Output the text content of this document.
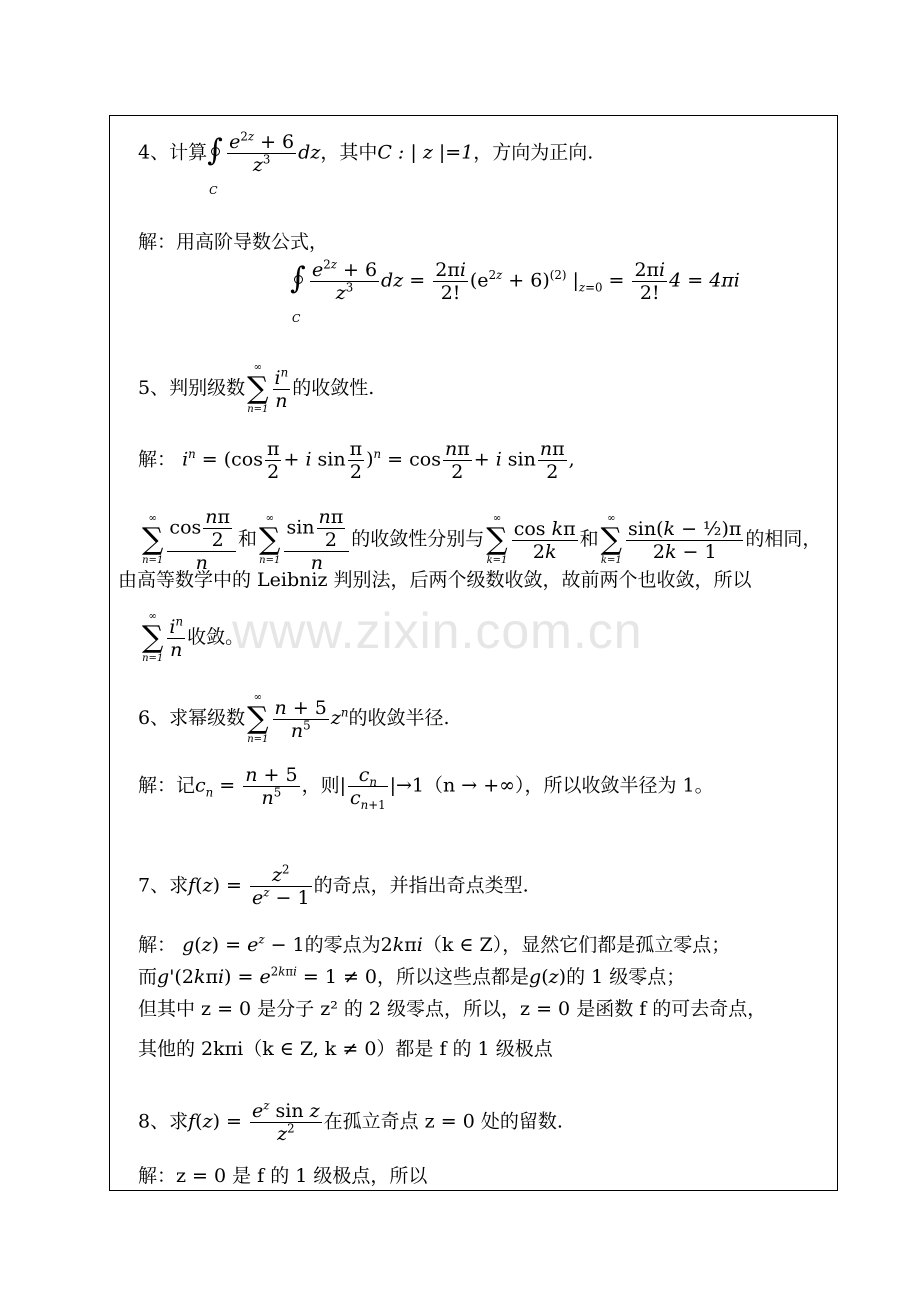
www.zixin.com.cn
4、计算 ∫
C
$\frac{e^{2z} + 6}{z^3}$ dz，其中C : | z |=1，方向为正向.
解：用高阶导数公式，
∫
C
$\frac{e^{2z} + 6}{z^3}$ dz = $\frac{2\pi i}{2!} (e^{2z} + 6)^{(2)}$ $|_{z=0} = \frac{2\pi i}{2!} 4 = 4\pi i$
5、判别级数
∞
∑
$n=1 \frac{i^n}{n}$ 的收敛性.
解： $i^n = (\cos \frac{\pi}{2} + i$ $\sin \frac{\pi}{2} )^n = \cos \frac{n\pi}{2} + i$ $\sin \frac{n\pi}{2}$ ,
∞
∑
$n=1 \frac{\cos \frac{n\pi}{2}}{n}$ 和
∞
∑
$n=1 \frac{\sin \frac{n\pi}{2}}{n}$ 的收敛性分别与
∞
∑
$k=1 \frac{\text{cos kπ}}{2k}$ 和
∞
∑
$k=1 \frac{\text{sin(k − ½)π}}{2k - 1}$ 的相同，
由高等数学中的 Leibniz 判别法，后两个级数收敛，故前两个也收敛，所以
∞
∑
$n=1 \frac{i^n}{n}$ 收敛。
6、求幂级数
∞
∑
$n=1 \frac{n + 5}{n^5} z^n$的收敛半径.
解：记$c_n = \frac{n + 5}{n^5}$ ，则| $\frac{c_n}{c_{n+1}} |\to 1(n$ → +∞），所以收敛半径为 1。
7、求$f(z) = \frac{z^2}{e^z - 1}$ 的奇点，并指出奇点类型.
解： $g(z) = e^z - 1$的零点为2kπi（k ∈ Z），显然它们都是孤立零点；
而$g'(2k\pi i) = e^{2k\pi i} = 1 \ne 0$，所以这些点都是g(z)的 1 级零点；
但其中 z = 0 是分子 z² 的 2 级零点，所以，z = 0 是函数 f 的可去奇点，
其他的 2kπi（k ∈ Z, k ≠ 0）都是 f 的 1 级极点
8、求$f(z) = \frac{e^z \sin z}{z^2}$ 在孤立奇点 z = 0 处的留数.
解：z = 0 是 f 的 1 级极点，所以
